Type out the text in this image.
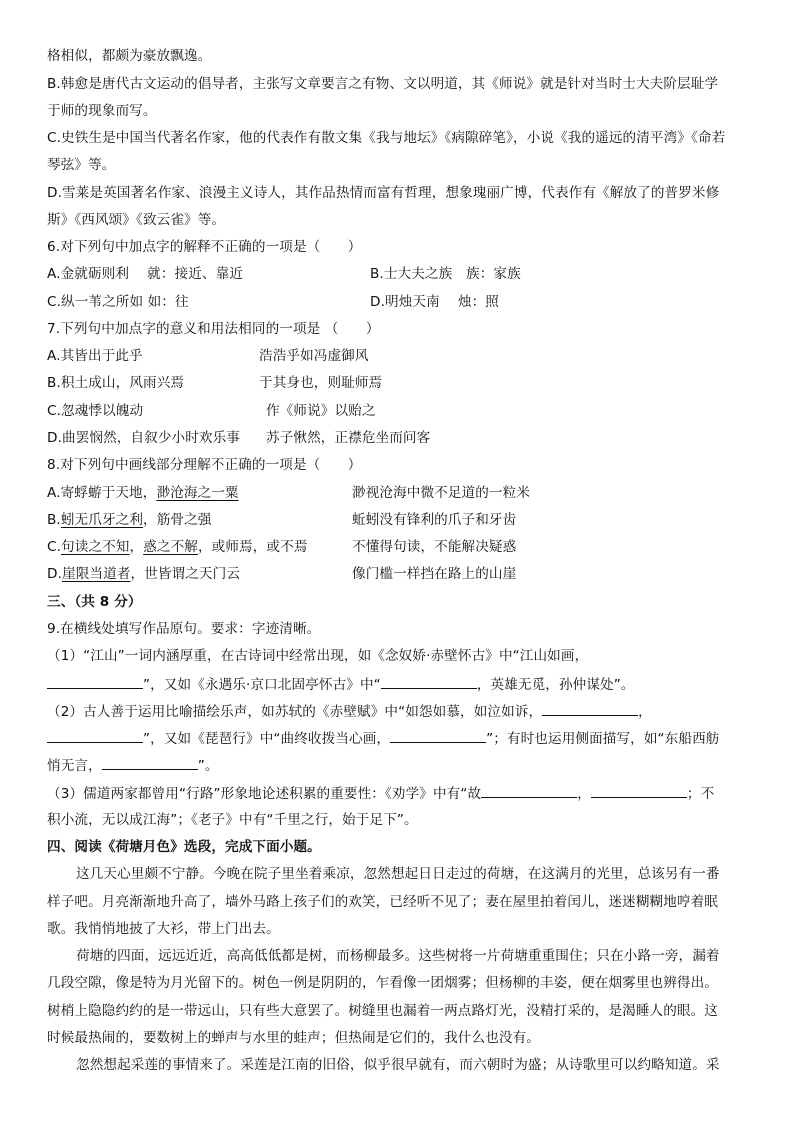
格相似，都颇为豪放飘逸。
B.韩愈是唐代古文运动的倡导者，主张写文章要言之有物、文以明道，其《师说》就是针对当时士大夫阶层耻学
于师的现象而写。
C.史铁生是中国当代著名作家，他的代表作有散文集《我与地坛》《病隙碎笔》，小说《我的遥远的清平湾》《命若
琴弦》等。
D.雪莱是英国著名作家、浪漫主义诗人，其作品热情而富有哲理，想象瑰丽广博，代表作有《解放了的普罗米修
斯》《西风颂》《致云雀》等。
6.对下列句中加点字的解释不正确的一项是（　　）
A.金就砺则利　 就：接近、靠近	B.士大夫之族　族：家族
C.纵一苇之所如 如：往	D.明烛天南　 烛：照
7.下列句中加点字的意义和用法相同的一项是 （　　）
A.其皆出于此乎	浩浩乎如冯虚御风
B.积土成山，风雨兴焉	于其身也，则耻师焉
C.忽魂悸以魄动	作《师说》以贻之
D.曲罢悯然，自叙少小时欢乐事 苏子愀然，正襟危坐而问客
8.对下列句中画线部分理解不正确的一项是（　　）
A.寄蜉蝣于天地，渺沧海之一粟	渺视沧海中微不足道的一粒米
B.蚓无爪牙之利，筋骨之强	蚯蚓没有锋利的爪子和牙齿
C.句读之不知，惑之不解，或师焉，或不焉	不懂得句读，不能解决疑惑
D.崖限当道者，世皆谓之天门云	像门槛一样挡在路上的山崖
三、（共 8 分）
9.在横线处填写作品原句。要求：字迹清晰。
（1）“江山”一词内涵厚重，在古诗词中经常出现，如《念奴娇·赤壁怀古》中“江山如画，
”，又如《永遇乐·京口北固亭怀古》中“	，英雄无觅，孙仲谋处”。
（2）古人善于运用比喻描绘乐声，如苏轼的《赤壁赋》中“如怨如慕，如泣如诉，	，
”，又如《琵琶行》中“曲终收拨当心画，	”；有时也运用侧面描写，如“东船西舫
悄无言，	”。
（3）儒道两家都曾用“行路”形象地论述积累的重要性：《劝学》中有“故	，	；不
积小流，无以成江海”；《老子》中有“千里之行，始于足下”。
四、阅读《荷塘月色》选段，完成下面小题。
这几天心里颇不宁静。今晚在院子里坐着乘凉，忽然想起日日走过的荷塘，在这满月的光里，总该另有一番
样子吧。月亮渐渐地升高了，墙外马路上孩子们的欢笑，已经听不见了；妻在屋里拍着闰儿，迷迷糊糊地哼着眠
歌。我悄悄地披了大衫，带上门出去。
荷塘的四面，远远近近，高高低低都是树，而杨柳最多。这些树将一片荷塘重重围住；只在小路一旁，漏着
几段空隙，像是特为月光留下的。树色一例是阴阴的，乍看像一团烟雾；但杨柳的丰姿，便在烟雾里也辨得出。
树梢上隐隐约约的是一带远山，只有些大意罢了。树缝里也漏着一两点路灯光，没精打采的，是渴睡人的眼。这
时候最热闹的，要数树上的蝉声与水里的蛙声；但热闹是它们的，我什么也没有。
忽然想起采莲的事情来了。采莲是江南的旧俗，似乎很早就有，而六朝时为盛；从诗歌里可以约略知道。采
